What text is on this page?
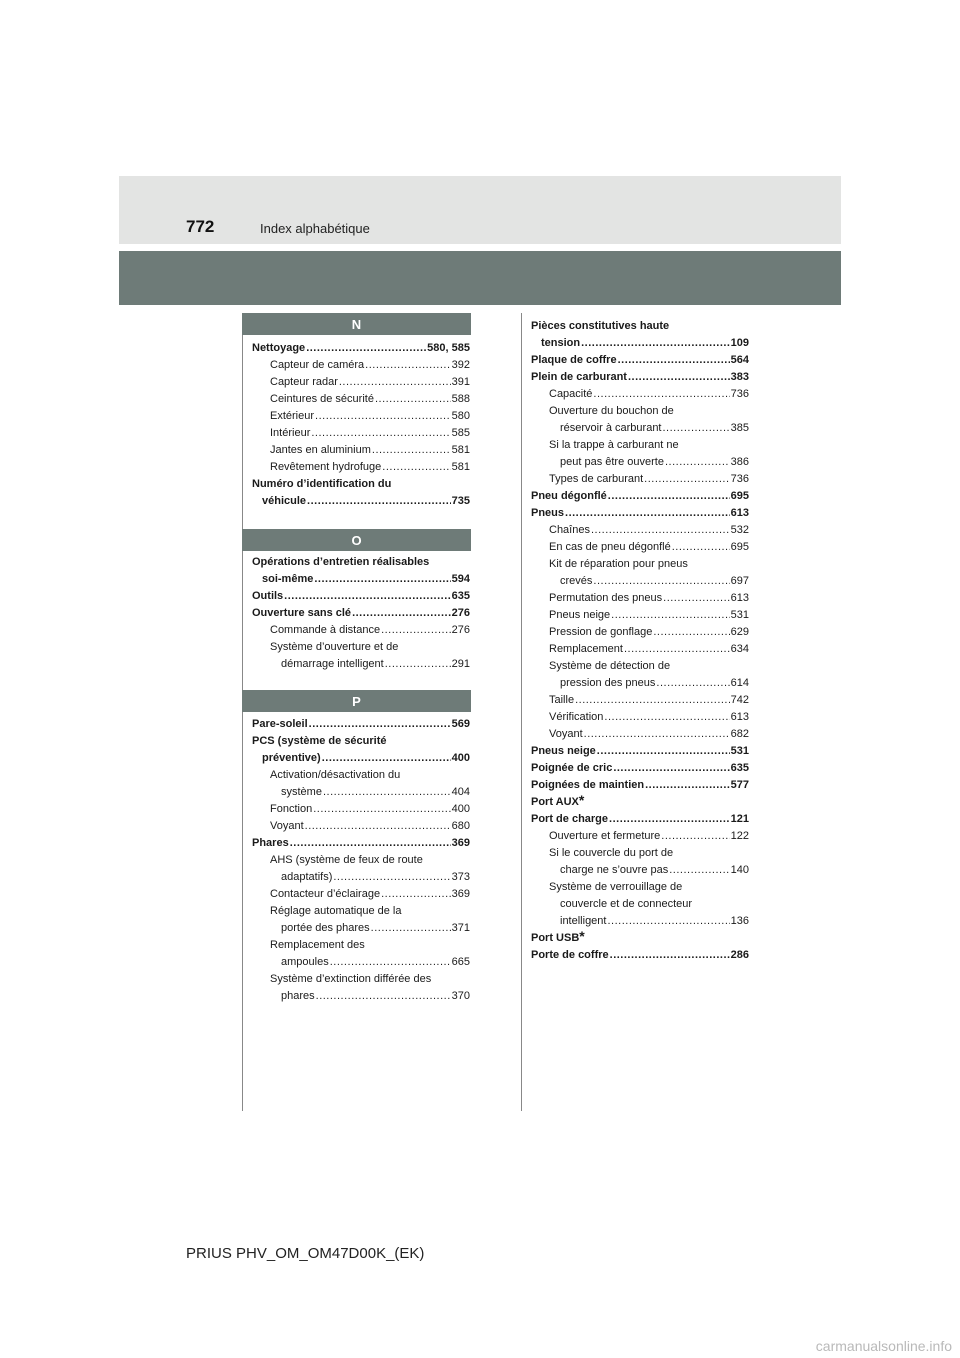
772	Index alphabétique
N
Nettoyage .....	580, 585
Capteur de caméra .....	392
Capteur radar .....	391
Ceintures de sécurité .....	588
Extérieur .....	580
Intérieur .....	585
Jantes en aluminium .....	581
Revêtement hydrofuge .....	581
Numéro d’identification du
véhicule .....	735
O
Opérations d’entretien réalisables
soi-même .....	594
Outils .....	635
Ouverture sans clé .....	276
Commande à distance .....	276
Système d’ouverture et de
démarrage intelligent .....	291
P
Pare-soleil .....	569
PCS (système de sécurité
préventive) .....	400
Activation/désactivation du
système .....	404
Fonction .....	400
Voyant .....	680
Phares .....	369
AHS (système de feux de route
adaptatifs) .....	373
Contacteur d’éclairage .....	369
Réglage automatique de la
portée des phares .....	371
Remplacement des
ampoules .....	665
Système d’extinction différée des
phares .....	370
Pièces constitutives haute
tension .....	109
Plaque de coffre .....	564
Plein de carburant .....	383
Capacité .....	736
Ouverture du bouchon de
réservoir à carburant .....	385
Si la trappe à carburant ne
peut pas être ouverte .....	386
Types de carburant .....	736
Pneu dégonflé .....	695
Pneus .....	613
Chaînes .....	532
En cas de pneu dégonflé .....	695
Kit de réparation pour pneus
crevés .....	697
Permutation des pneus .....	613
Pneus neige .....	531
Pression de gonflage .....	629
Remplacement .....	634
Système de détection de
pression des pneus .....	614
Taille .....	742
Vérification .....	613
Voyant .....	682
Pneus neige .....	531
Poignée de cric .....	635
Poignées de maintien .....	577
Port AUX *
Port de charge .....	121
Ouverture et fermeture .....	122
Si le couvercle du port de
charge ne s’ouvre pas .....	140
Système de verrouillage de
couvercle et de connecteur
intelligent .....	136
Port USB *
Porte de coffre .....	286
PRIUS PHV_OM_OM47D00K_(EK)
carmanualsonline.info
